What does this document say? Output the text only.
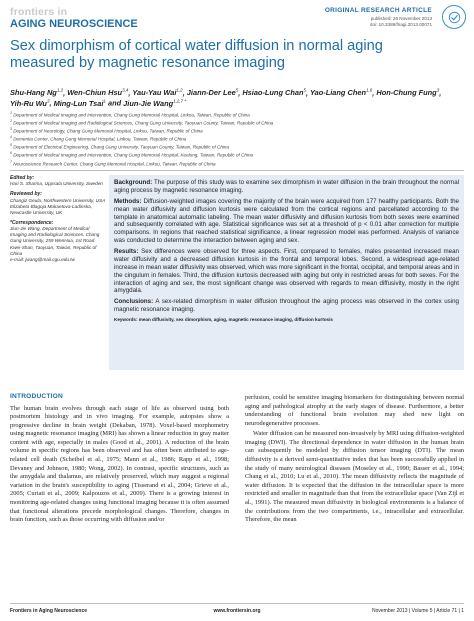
frontiers in
AGING NEUROSCIENCE
ORIGINAL RESEARCH ARTICLE
published: 26 November 2013
doi: 10.3389/fnagi.2013.00071
Sex dimorphism of cortical water diffusion in normal aging measured by magnetic resonance imaging
Shu-Hang Ng$^{1,2}$, Wen-Chiun Hsu$^{3,4}$, Yau-Yau Wai$^{1,2}$, Jiann-Der Lee$^5$, Hsiao-Lung Chan$^5$, Yao-Liang Chen$^{1,6}$, Hon-Chung Fung$^3$, Yih-Ru Wu$^3$, Ming-Lun Tsai$^1$ and Jiun-Jie Wang$^{1,2,7 *}$
$^1$ Department of Medical Imaging and Intervention, Chang Gung Memorial Hospital, Linkou, Taiwan, Republic of China
$^2$ Department of Medical Imaging and Radiological Sciences, Chang Gung University, Taoyuan County, Taiwan, Republic of China
$^3$ Department of Neurology, Chang Gung Memorial Hospital, Linkou, Taiwan, Republic of China
$^4$ Dementia Center, Chang Gung Memorial Hospital, Linkou, Taiwan, Republic of China
$^5$ Department of Electrical Engineering, Chang Gung University, Taoyuan County, Taiwan, Republic of China
$^6$ Department of Medical Imaging and Intervention, Chang Gung Memorial Hospital, Keelung, Taiwan, Republic of China
$^7$ Neuroscience Research Center, Chang Gung Memorial Hospital, Linkou, Taiwan, Republic of China
Edited by:
Hari S. Sharma, Uppsala University, Sweden
Reviewed by:
Changiz Geula, Northwestern University, USA
Elizabeta Blagoja Mukaetova-Ladinska, Newcastle University, UK
*Correspondence:
Jiun-Jie Wang, Department of Medical Imaging and Radiological Sciences, Chang Gung University, 259 WenHua, 1st Road Kwei-Shan, Taoyuan, Taiwan, Republic of China
e-mail: jwang@mail.cgu.edu.tw

Background: The purpose of this study was to examine sex dimorphism in water diffusion in the brain throughout the normal aging process by magnetic resonance imaging.

Methods: Diffusion-weighted images covering the majority of the brain were acquired from 177 healthy participants. Both the mean water diffusivity and diffusion kurtosis were calculated from the cortical regions and parcellated according to the template in anatomical automatic labeling. The mean water diffusivity and diffusion kurtosis from both sexes were examined and subsequently correlated with age. Statistical significance was set at a threshold of p < 0.01 after correction for multiple comparisons. In regions that reached statistical significance, a linear regression model was performed. Analysis of variance was conducted to determine the interaction between aging and sex.

Results: Sex differences were observed for three aspects. First, compared to females, males presented increased mean water diffusivity and a decreased diffusion kurtosis in the frontal and temporal lobes. Second, a widespread age-related increase in mean water diffusivity was observed, which was more significant in the frontal, occipital, and temporal areas and in the cingulum in females. Third, the diffusion kurtosis decreased with aging but only in restricted areas for both sexes. For the interaction of aging and sex, the most significant change was observed with regards to mean diffusivity, mostly in the right amygdala.

Conclusions: A sex-related dimorphism in water diffusion throughout the aging process was observed in the cortex using magnetic resonance imaging.

Keywords: mean diffusivity, sex dimorphism, aging, magnetic resonance imaging, diffusion kurtosis
INTRODUCTION

The human brain evolves through each stage of life as observed using both postmortem histology and in vivo imaging. For example, autopsies show a progressive decline in brain weight (Dekaban, 1978). Voxel-based morphometry using magnetic resonance imaging (MRI) has shown a linear reduction in gray matter content with age, especially in males (Good et al., 2001). A reduction of the brain volume in specific regions has been observed and has often been attributed to age-related cell death (Scheibel et al., 1975; Mann et al., 1986; Rapp et al., 1998; Devaney and Johnson, 1980; Wong, 2002). In contrast, specific structures, such as the amygdala and thalamus, are relatively preserved, which may suggest a regional variation in the brain's susceptibility to aging (Tisserand et al., 2004; Grieve et al., 2005; Curiati et al., 2009; Kalpouzos et al., 2009). There is a growing interest in monitoring age-related changes using functional imaging because it is often assumed that functional alterations precede morphological changes. Therefore, changes in brain function, such as those occurring with diffusion and/or

perfusion, could be sensitive imaging biomarkers for distinguishing between normal aging and pathological atrophy at the early stages of disease. Furthermore, a better understanding of functional brain evolution may shed new light on neurodegenerative processes.

Water diffusion can be measured non-invasively by MRI using diffusion-weighted imaging (DWI). The directional dependence in water diffusion in the human brain can subsequently be modeled by diffusion tensor imaging (DTI). The mean diffusivity is a derived semi-quantitative index that has been successfully applied in the study of many neurological diseases (Moseley et al., 1990; Basser et al., 1994; Chang et al., 2010; Lu et al., 2010). The mean diffusivity reflects the magnitude of water diffusion. It is expected that the diffusion in the intracellular space is more restricted and smaller in magnitude than that from the extracellular space (Van Zijl et al., 1991). The measured mean diffusivity in biological environments is a balance of the contributions from the two compartments, i.e., intracellular and extracellular. Therefore, the mean

Frontiers in Aging Neuroscience	www.frontiersin.org	November 2013 | Volume 5 | Article 71 | 1
